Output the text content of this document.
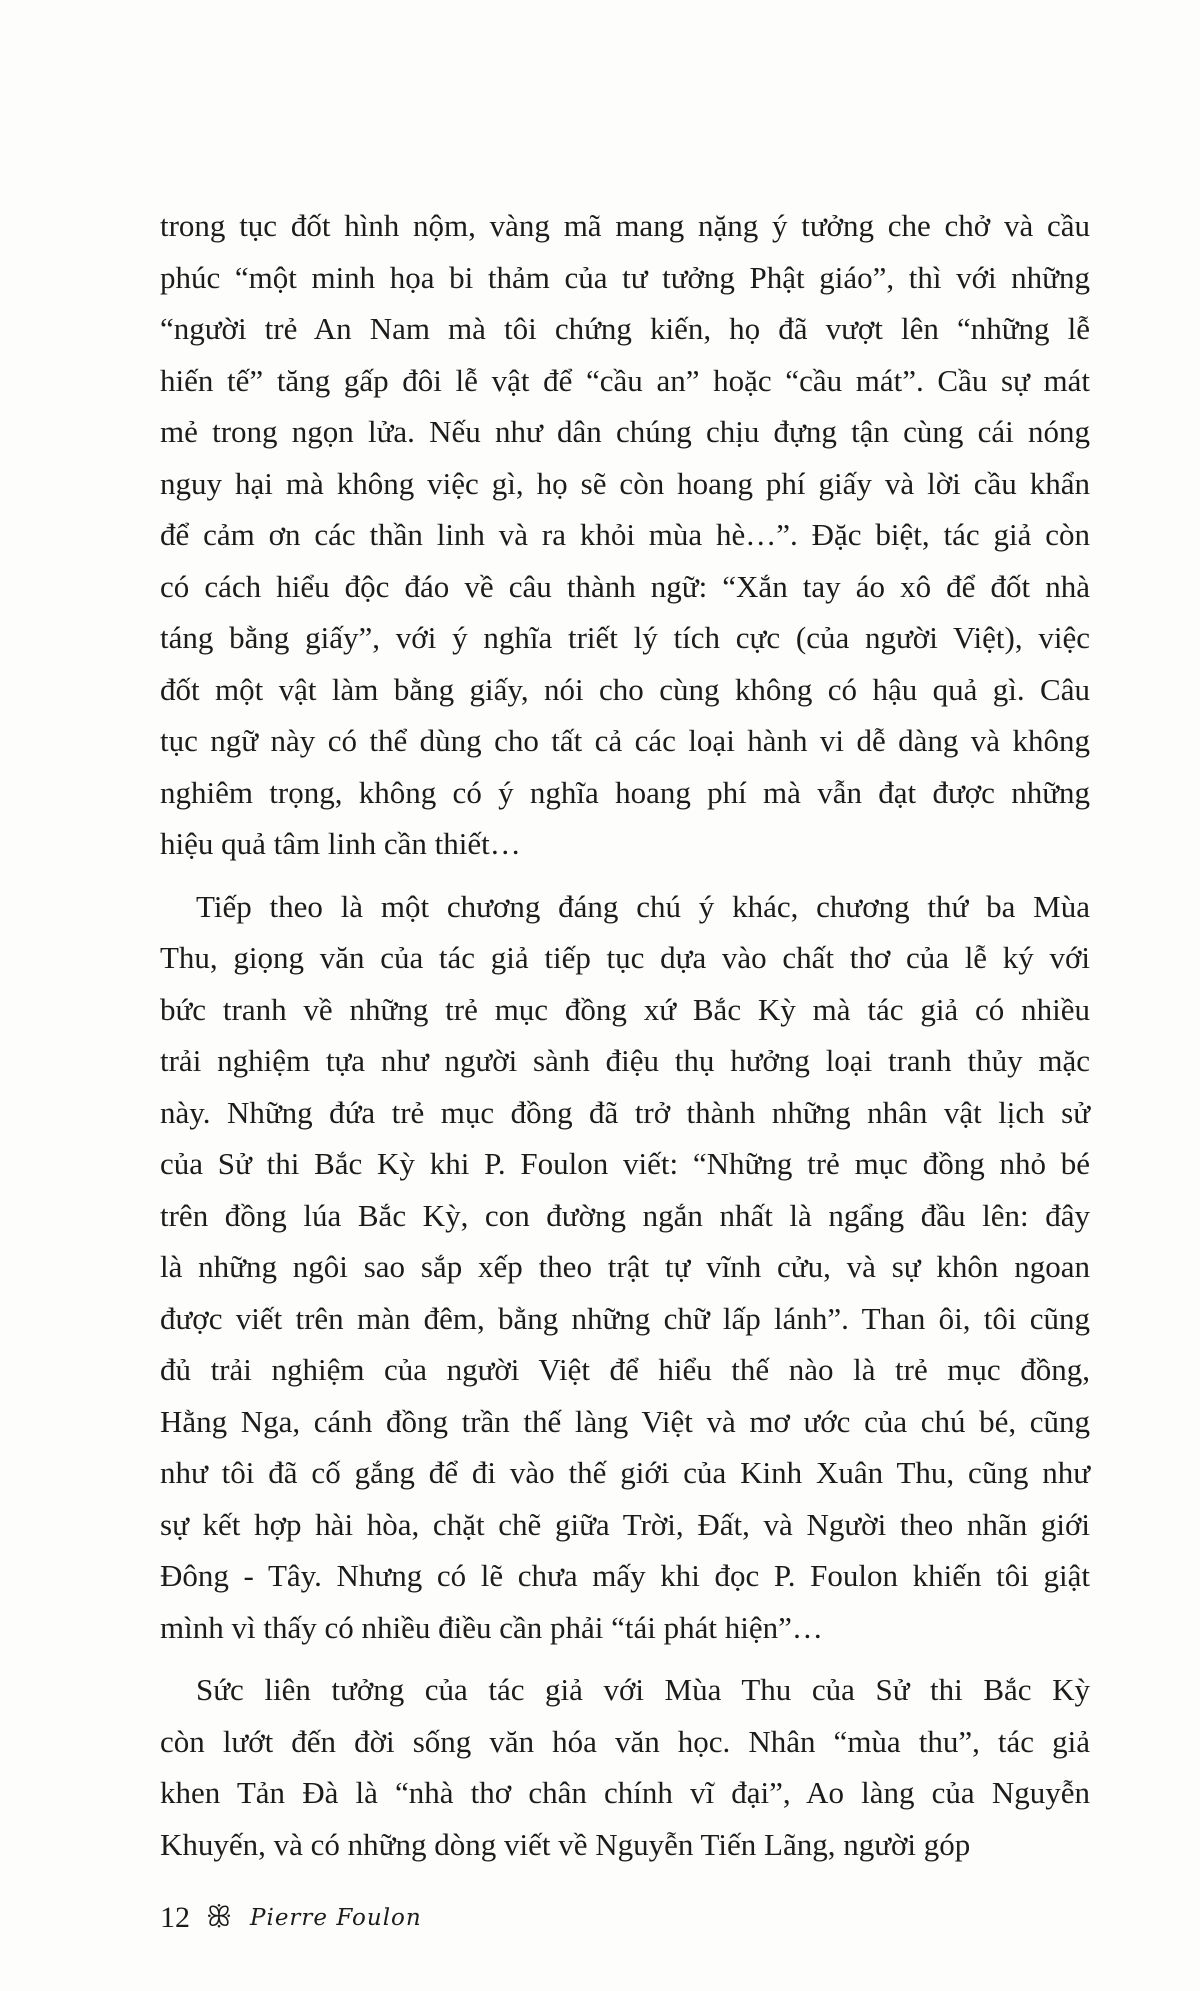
trong tục đốt hình nộm, vàng mã mang nặng ý tưởng che chở và cầu
phúc “một minh họa bi thảm của tư tưởng Phật giáo”, thì với những
“người trẻ An Nam mà tôi chứng kiến, họ đã vượt lên “những lễ
hiến tế” tăng gấp đôi lễ vật để “cầu an” hoặc “cầu mát”. Cầu sự mát
mẻ trong ngọn lửa. Nếu như dân chúng chịu đựng tận cùng cái nóng
nguy hại mà không việc gì, họ sẽ còn hoang phí giấy và lời cầu khẩn
để cảm ơn các thần linh và ra khỏi mùa hè…”. Đặc biệt, tác giả còn
có cách hiểu độc đáo về câu thành ngữ: “Xắn tay áo xô để đốt nhà
táng bằng giấy”, với ý nghĩa triết lý tích cực (của người Việt), việc
đốt một vật làm bằng giấy, nói cho cùng không có hậu quả gì. Câu
tục ngữ này có thể dùng cho tất cả các loại hành vi dễ dàng và không
nghiêm trọng, không có ý nghĩa hoang phí mà vẫn đạt được những
hiệu quả tâm linh cần thiết…
Tiếp theo là một chương đáng chú ý khác, chương thứ ba Mùa
Thu, giọng văn của tác giả tiếp tục dựa vào chất thơ của lễ ký với
bức tranh về những trẻ mục đồng xứ Bắc Kỳ mà tác giả có nhiều
trải nghiệm tựa như người sành điệu thụ hưởng loại tranh thủy mặc
này. Những đứa trẻ mục đồng đã trở thành những nhân vật lịch sử
của Sử thi Bắc Kỳ khi P. Foulon viết: “Những trẻ mục đồng nhỏ bé
trên đồng lúa Bắc Kỳ, con đường ngắn nhất là ngẩng đầu lên: đây
là những ngôi sao sắp xếp theo trật tự vĩnh cửu, và sự khôn ngoan
được viết trên màn đêm, bằng những chữ lấp lánh”. Than ôi, tôi cũng
đủ trải nghiệm của người Việt để hiểu thế nào là trẻ mục đồng,
Hằng Nga, cánh đồng trần thế làng Việt và mơ ước của chú bé, cũng
như tôi đã cố gắng để đi vào thế giới của Kinh Xuân Thu, cũng như
sự kết hợp hài hòa, chặt chẽ giữa Trời, Đất, và Người theo nhãn giới
Đông - Tây. Nhưng có lẽ chưa mấy khi đọc P. Foulon khiến tôi giật
mình vì thấy có nhiều điều cần phải “tái phát hiện”…
Sức liên tưởng của tác giả với Mùa Thu của Sử thi Bắc Kỳ
còn lướt đến đời sống văn hóa văn học. Nhân “mùa thu”, tác giả
khen Tản Đà là “nhà thơ chân chính vĩ đại”, Ao làng của Nguyễn
Khuyến, và có những dòng viết về Nguyễn Tiến Lãng, người góp
12 ꕥ Pierre Foulon
